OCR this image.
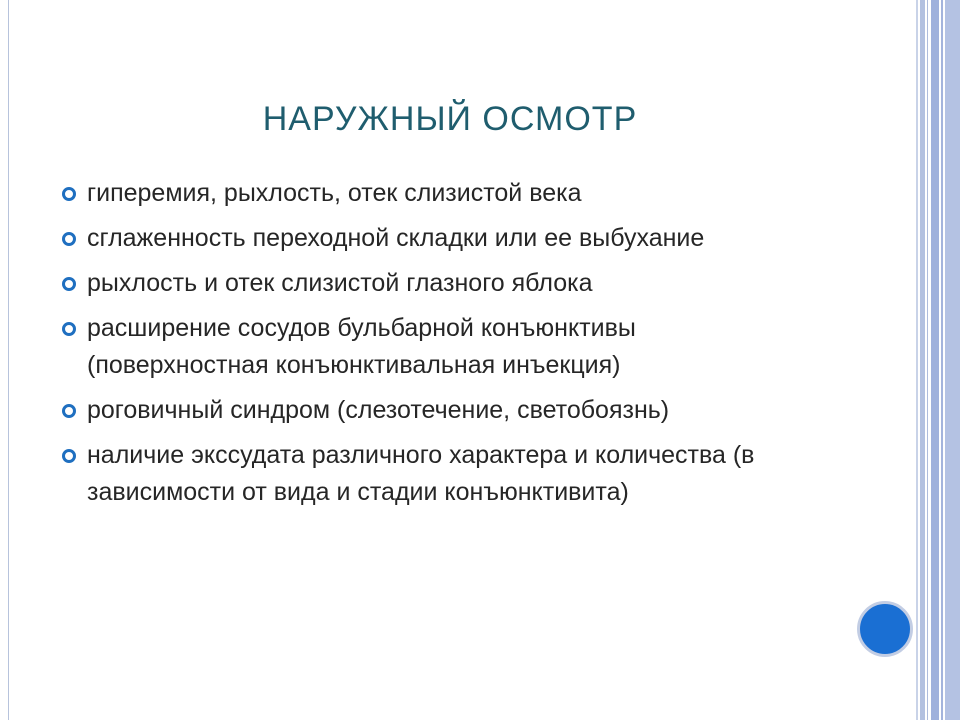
НАРУЖНЫЙ ОСМОТР
гиперемия, рыхлость, отек слизистой века
сглаженность переходной складки или ее выбухание
рыхлость и отек слизистой глазного яблока
расширение сосудов бульбарной конъюнктивы (поверхностная конъюнктивальная инъекция)
роговичный синдром (слезотечение, светобоязнь)
наличие экссудата различного характера и количества (в зависимости от вида и стадии конъюнктивита)
